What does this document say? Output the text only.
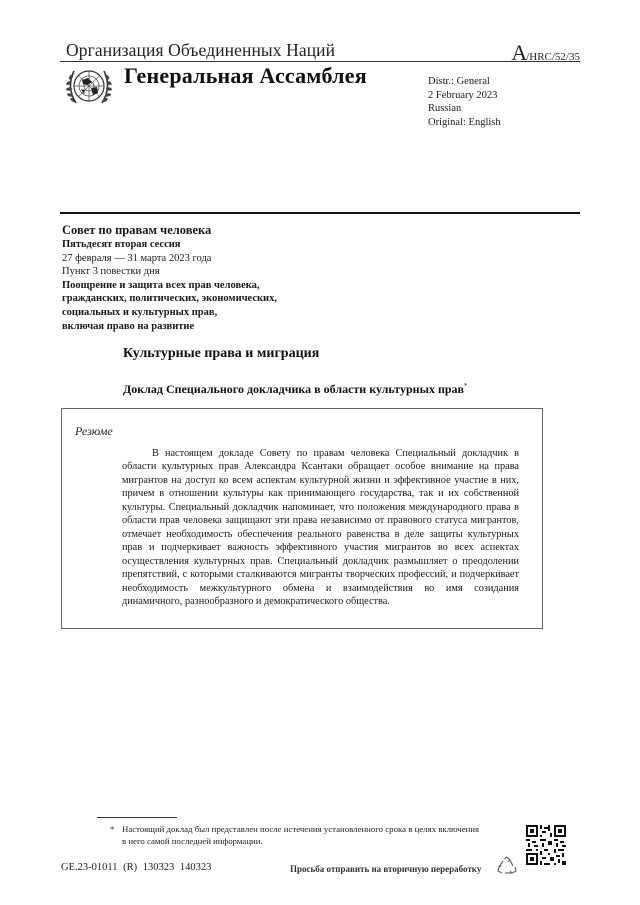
Организация Объединенных Наций	A/HRC/52/35
Генеральная Ассамблея	Distr.: General
2 February 2023
Russian
Original: English
Совет по правам человека
Пятьдесят вторая сессия
27 февраля — 31 марта 2023 года
Пункт 3 повестки дня
Поощрение и защита всех прав человека,
гражданских, политических, экономических,
социальных и культурных прав,
включая право на развитие
Культурные права и миграция
Доклад Специального докладчика в области культурных прав*
Резюме
В настоящем докладе Совету по правам человека Специальный докладчик в области культурных прав Александра Ксантаки обращает особое внимание на права мигрантов на доступ ко всем аспектам культурной жизни и эффективное участие в них, причем в отношении культуры как принимающего государства, так и их собственной культуры. Специальный докладчик напоминает, что положения международного права в области прав человека защищают эти права независимо от правового статуса мигрантов, отмечает необходимость обеспечения реального равенства в деле защиты культурных прав и подчеркивает важность эффективного участия мигрантов во всех аспектах осуществления культурных прав. Специальный докладчик размышляет о преодолении препятствий, с которыми сталкиваются мигранты творческих профессий, и подчеркивает необходимость межкультурного обмена и взаимодействия во имя созидания динамичного, разнообразного и демократического общества.
* Настоящий доклад был представлен после истечения установленного срока в целях включения в него самой последней информации.
GE.23-01011 (R) 130323 140323	Просьба отправить на вторичную переработку
